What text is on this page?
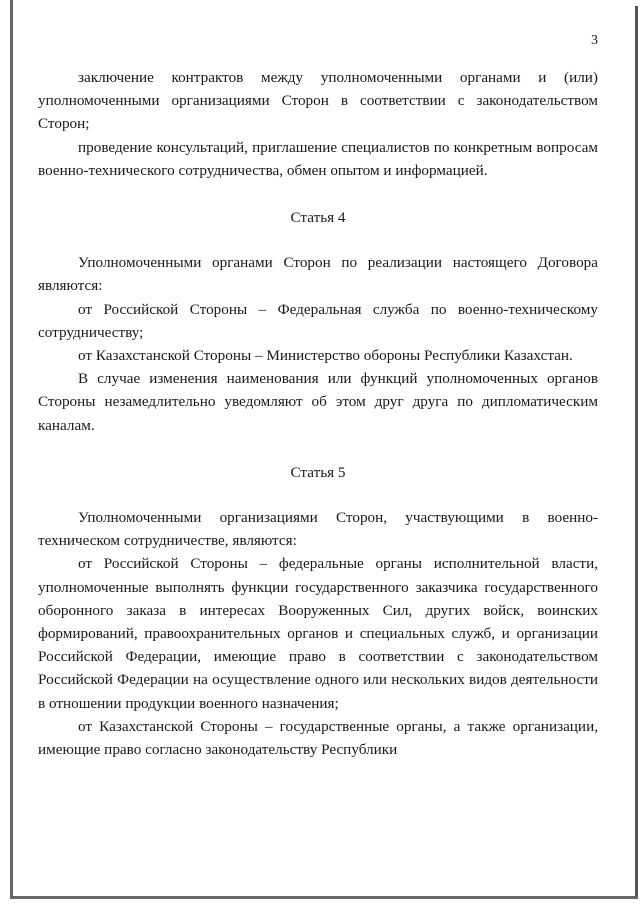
3

заключение контрактов между уполномоченными органами и (или) уполномоченными организациями Сторон в соответствии с законодательством Сторон;

проведение консультаций, приглашение специалистов по конкретным вопросам военно-технического сотрудничества, обмен опытом и информацией.

Статья 4

Уполномоченными органами Сторон по реализации настоящего Договора являются:

от Российской Стороны – Федеральная служба по военно-техническому сотрудничеству;

от Казахстанской Стороны – Министерство обороны Республики Казахстан.

В случае изменения наименования или функций уполномоченных органов Стороны незамедлительно уведомляют об этом друг друга по дипломатическим каналам.

Статья 5

Уполномоченными организациями Сторон, участвующими в военно-техническом сотрудничестве, являются:

от Российской Стороны – федеральные органы исполнительной власти, уполномоченные выполнять функции государственного заказчика государственного оборонного заказа в интересах Вооруженных Сил, других войск, воинских формирований, правоохранительных органов и специальных служб, и организации Российской Федерации, имеющие право в соответствии с законодательством Российской Федерации на осуществление одного или нескольких видов деятельности в отношении продукции военного назначения;

от Казахстанской Стороны – государственные органы, а также организации, имеющие право согласно законодательству Республики
